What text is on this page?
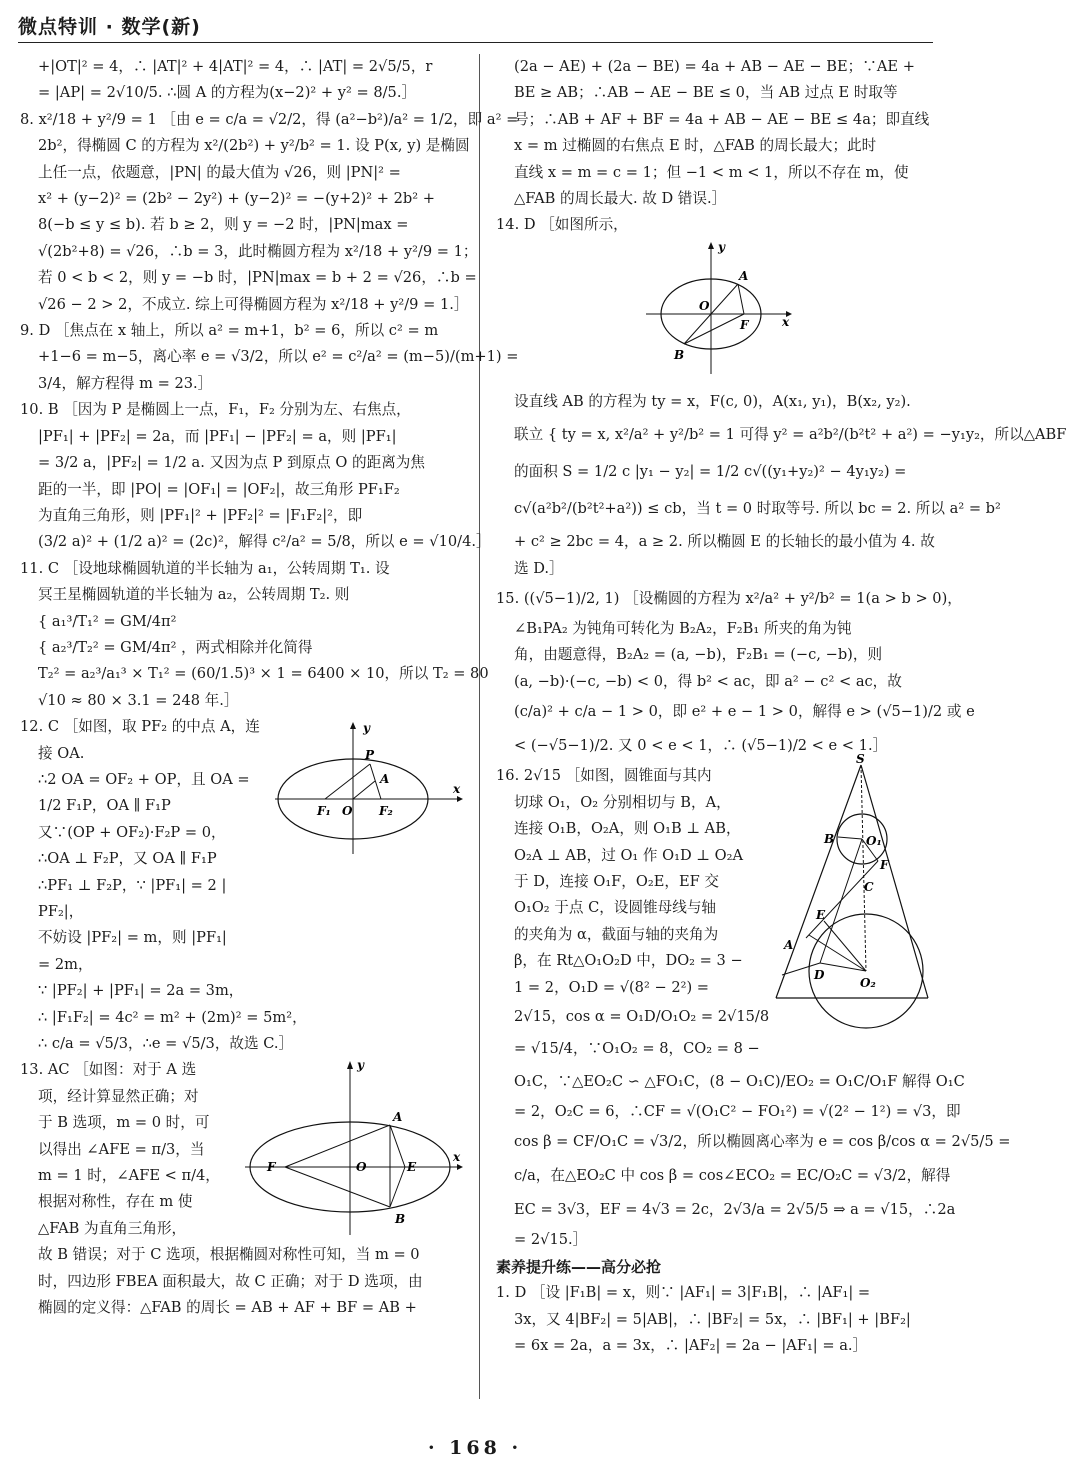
微点特训 · 数学(新)
+|OT|² = 4，∴ |AT|² + 4|AT|² = 4，∴ |AT| = 2√5/5，r
= |AP| = 2√10/5. ∴圆 A 的方程为(x−2)² + y² = 8/5.］
8. x²/18 + y²/9 = 1 ［由 e = c/a = √2/2，得 (a²−b²)/a² = 1/2，即 a² =
2b²，得椭圆 C 的方程为 x²/(2b²) + y²/b² = 1. 设 P(x, y) 是椭圆
上任一点，依题意，|PN| 的最大值为 √26，则 |PN|² =
x² + (y−2)² = (2b² − 2y²) + (y−2)² = −(y+2)² + 2b² +
8(−b ≤ y ≤ b). 若 b ≥ 2，则 y = −2 时，|PN|max =
√(2b²+8) = √26，∴b = 3，此时椭圆方程为 x²/18 + y²/9 = 1；
若 0 < b < 2，则 y = −b 时，|PN|max = b + 2 = √26，∴b =
√26 − 2 > 2，不成立. 综上可得椭圆方程为 x²/18 + y²/9 = 1.］
9. D ［焦点在 x 轴上，所以 a² = m+1，b² = 6，所以 c² = m
+1−6 = m−5，离心率 e = √3/2，所以 e² = c²/a² = (m−5)/(m+1) =
3/4，解方程得 m = 23.］
10. B ［因为 P 是椭圆上一点，F₁，F₂ 分别为左、右焦点，
|PF₁| + |PF₂| = 2a，而 |PF₁| − |PF₂| = a，则 |PF₁|
= 3/2 a，|PF₂| = 1/2 a. 又因为点 P 到原点 O 的距离为焦
距的一半，即 |PO| = |OF₁| = |OF₂|，故三角形 PF₁F₂
为直角三角形，则 |PF₁|² + |PF₂|² = |F₁F₂|²，即
(3/2 a)² + (1/2 a)² = (2c)²，解得 c²/a² = 5/8，所以 e = √10/4.］
11. C ［设地球椭圆轨道的半长轴为 a₁，公转周期 T₁. 设
冥王星椭圆轨道的半长轴为 a₂，公转周期 T₂. 则
{ a₁³/T₁² = GM/4π²
{ a₂³/T₂² = GM/4π² ，两式相除并化简得
T₂² = a₂³/a₁³ × T₁² = (60/1.5)³ × 1 = 6400 × 10，所以 T₂ = 80
√10 ≈ 80 × 3.1 = 248 年.］
12. C ［如图，取 PF₂ 的中点 A，连
接 OA.
∴2 OA = OF₂ + OP，且 OA =
1/2 F₁P，OA ∥ F₁P
又∵(OP + OF₂)·F₂P = 0，
∴OA ⊥ F₂P，又 OA ∥ F₁P
∴PF₁ ⊥ F₂P，∵ |PF₁| = 2 |
PF₂|，
不妨设 |PF₂| = m，则 |PF₁|
= 2m，
∵ |PF₂| + |PF₁| = 2a = 3m，
∴ |F₁F₂| = 4c² = m² + (2m)² = 5m²，
∴ c/a = √5/3，∴e = √5/3，故选 C.］
y
x
P
A
F₁ O F₂
13. AC ［如图：对于 A 选
项，经计算显然正确；对
于 B 选项，m = 0 时，可
以得出 ∠AFE = π/3，当
m = 1 时，∠AFE < π/4，
根据对称性，存在 m 使
△FAB 为直角三角形，
故 B 错误；对于 C 选项，根据椭圆对称性可知，当 m = 0
时，四边形 FBEA 面积最大，故 C 正确；对于 D 选项，由
椭圆的定义得：△FAB 的周长 = AB + AF + BF = AB +
y
x
A
B
F	O	E
(2a − AE) + (2a − BE) = 4a + AB − AE − BE；∵AE +
BE ≥ AB；∴AB − AE − BE ≤ 0，当 AB 过点 E 时取等
号；∴AB + AF + BF = 4a + AB − AE − BE ≤ 4a；即直线
x = m 过椭圆的右焦点 E 时，△FAB 的周长最大；此时
直线 x = m = c = 1；但 −1 < m < 1，所以不存在 m，使
△FAB 的周长最大. 故 D 错误.］
14. D ［如图所示，
y
x
A
B
O
F
设直线 AB 的方程为 ty = x，F(c, 0)，A(x₁, y₁)，B(x₂, y₂).
联立 { ty = x, x²/a² + y²/b² = 1 可得 y² = a²b²/(b²t² + a²) = −y₁y₂，所以△ABF
的面积 S = 1/2 c |y₁ − y₂| = 1/2 c√((y₁+y₂)² − 4y₁y₂) =
c√(a²b²/(b²t²+a²)) ≤ cb，当 t = 0 时取等号. 所以 bc = 2. 所以 a² = b²
+ c² ≥ 2bc = 4，a ≥ 2. 所以椭圆 E 的长轴长的最小值为 4. 故
选 D.］
15. ((√5−1)/2, 1) ［设椭圆的方程为 x²/a² + y²/b² = 1(a > b > 0)，
∠B₁PA₂ 为钝角可转化为 B₂A₂，F₂B₁ 所夹的角为钝
角，由题意得，B₂A₂ = (a, −b)，F₂B₁ = (−c, −b)，则
(a, −b)·(−c, −b) < 0，得 b² < ac，即 a² − c² < ac，故
(c/a)² + c/a − 1 > 0，即 e² + e − 1 > 0，解得 e > (√5−1)/2 或 e
< (−√5−1)/2. 又 0 < e < 1，∴ (√5−1)/2 < e < 1.］
16. 2√15 ［如图，圆锥面与其内
切球 O₁，O₂ 分别相切与 B，A，
连接 O₁B，O₂A，则 O₁B ⊥ AB，
O₂A ⊥ AB，过 O₁ 作 O₁D ⊥ O₂A
于 D，连接 O₁F，O₂E，EF 交
O₁O₂ 于点 C，设圆锥母线与轴
的夹角为 α，截面与轴的夹角为
β，在 Rt△O₁O₂D 中，DO₂ = 3 −
1 = 2，O₁D = √(8² − 2²) =
2√15，cos α = O₁D/O₁O₂ = 2√15/8
= √15/4，∵O₁O₂ = 8，CO₂ = 8 −
O₁C，∵△EO₂C ∽ △FO₁C，(8 − O₁C)/EO₂ = O₁C/O₁F 解得 O₁C
= 2，O₂C = 6，∴CF = √(O₁C² − FO₁²) = √(2² − 1²) = √3，即
cos β = CF/O₁C = √3/2，所以椭圆离心率为 e = cos β/cos α = 2√5/5 =
c/a，在△EO₂C 中 cos β = cos∠ECO₂ = EC/O₂C = √3/2，解得
EC = 3√3，EF = 4√3 = 2c，2√3/a = 2√5/5 ⇒ a = √15，∴2a
= 2√15.］
S
B	O₁
F
C
E
A
D
O₂
素养提升练——高分必抢
1. D ［设 |F₁B| = x，则∵ |AF₁| = 3|F₁B|，∴ |AF₁| =
3x，又 4|BF₂| = 5|AB|，∴ |BF₂| = 5x，∴ |BF₁| + |BF₂|
= 6x = 2a，a = 3x，∴ |AF₂| = 2a − |AF₁| = a.］
· 168 ·
